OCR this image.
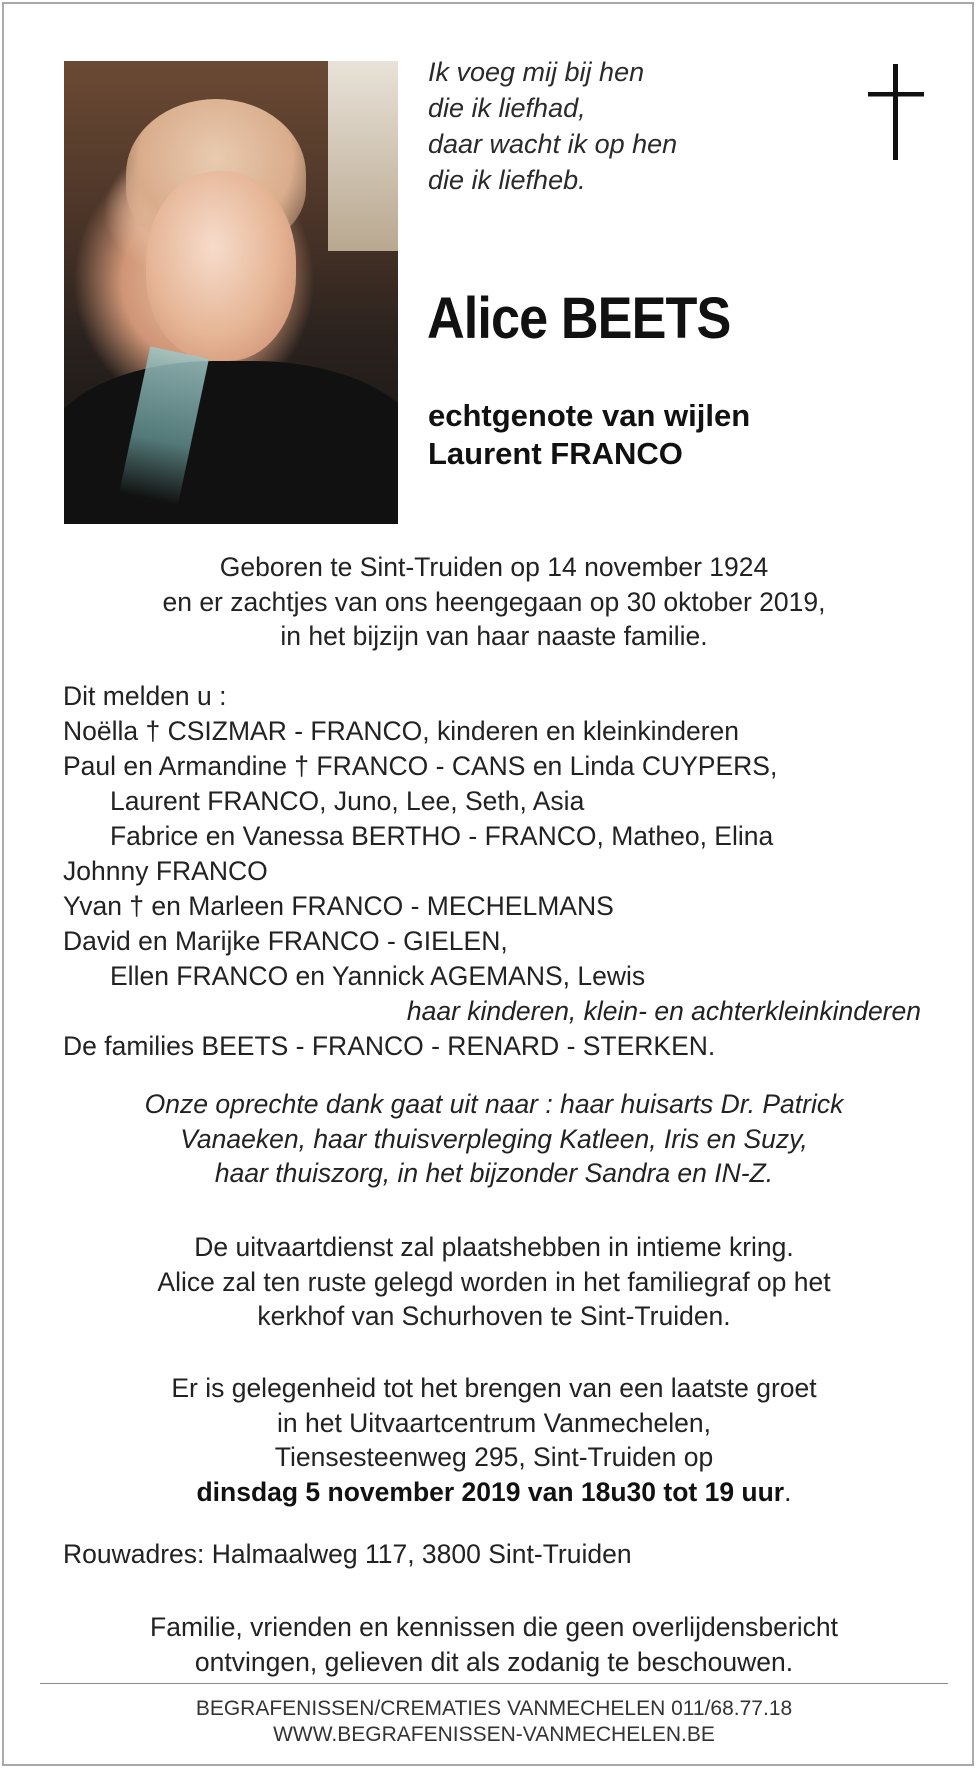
Ik voeg mij bij hen
die ik liefhad,
daar wacht ik op hen
die ik liefheb.
Alice BEETS
echtgenote van wijlen
Laurent FRANCO
Geboren te Sint-Truiden op 14 november 1924
en er zachtjes van ons heengegaan op 30 oktober 2019,
in het bijzijn van haar naaste familie.
Dit melden u :
Noëlla † CSIZMAR - FRANCO, kinderen en kleinkinderen
Paul en Armandine † FRANCO - CANS en Linda CUYPERS,
Laurent FRANCO, Juno, Lee, Seth, Asia
Fabrice en Vanessa BERTHO - FRANCO, Matheo, Elina
Johnny FRANCO
Yvan † en Marleen FRANCO - MECHELMANS
David en Marijke FRANCO - GIELEN,
Ellen FRANCO en Yannick AGEMANS, Lewis
haar kinderen, klein- en achterkleinkinderen
De families BEETS - FRANCO - RENARD - STERKEN.
Onze oprechte dank gaat uit naar : haar huisarts Dr. Patrick
Vanaeken, haar thuisverpleging Katleen, Iris en Suzy,
haar thuiszorg, in het bijzonder Sandra en IN-Z.
De uitvaartdienst zal plaatshebben in intieme kring.
Alice zal ten ruste gelegd worden in het familiegraf op het
kerkhof van Schurhoven te Sint-Truiden.
Er is gelegenheid tot het brengen van een laatste groet
in het Uitvaartcentrum Vanmechelen,
Tiensesteenweg 295, Sint-Truiden op
dinsdag 5 november 2019 van 18u30 tot 19 uur.
Rouwadres: Halmaalweg 117, 3800 Sint-Truiden
Familie, vrienden en kennissen die geen overlijdensbericht
ontvingen, gelieven dit als zodanig te beschouwen.
BEGRAFENISSEN/CREMATIES VANMECHELEN 011/68.77.18
WWW.BEGRAFENISSEN-VANMECHELEN.BE
